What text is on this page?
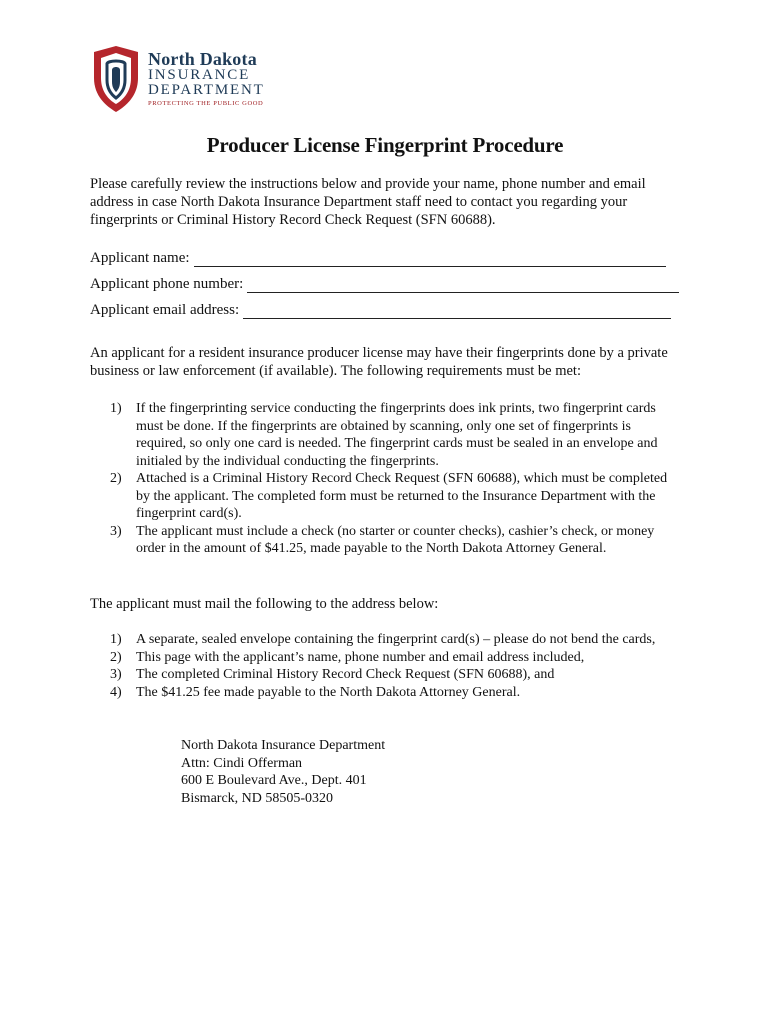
North Dakota
INSURANCE
DEPARTMENT
PROTECTING THE PUBLIC GOOD
Producer License Fingerprint Procedure
Please carefully review the instructions below and provide your name, phone number and email address in case North Dakota Insurance Department staff need to contact you regarding your fingerprints or Criminal History Record Check Request (SFN 60688).
Applicant name:
Applicant phone number:
Applicant email address:
An applicant for a resident insurance producer license may have their fingerprints done by a private business or law enforcement (if available). The following requirements must be met:
1) If the fingerprinting service conducting the fingerprints does ink prints, two fingerprint cards must be done. If the fingerprints are obtained by scanning, only one set of fingerprints is required, so only one card is needed. The fingerprint cards must be sealed in an envelope and initialed by the individual conducting the fingerprints.
2) Attached is a Criminal History Record Check Request (SFN 60688), which must be completed by the applicant. The completed form must be returned to the Insurance Department with the fingerprint card(s).
3) The applicant must include a check (no starter or counter checks), cashier’s check, or money order in the amount of $41.25, made payable to the North Dakota Attorney General.
The applicant must mail the following to the address below:
1) A separate, sealed envelope containing the fingerprint card(s) – please do not bend the cards,
2) This page with the applicant’s name, phone number and email address included,
3) The completed Criminal History Record Check Request (SFN 60688), and
4) The $41.25 fee made payable to the North Dakota Attorney General.
North Dakota Insurance Department
Attn: Cindi Offerman
600 E Boulevard Ave., Dept. 401
Bismarck, ND 58505-0320
